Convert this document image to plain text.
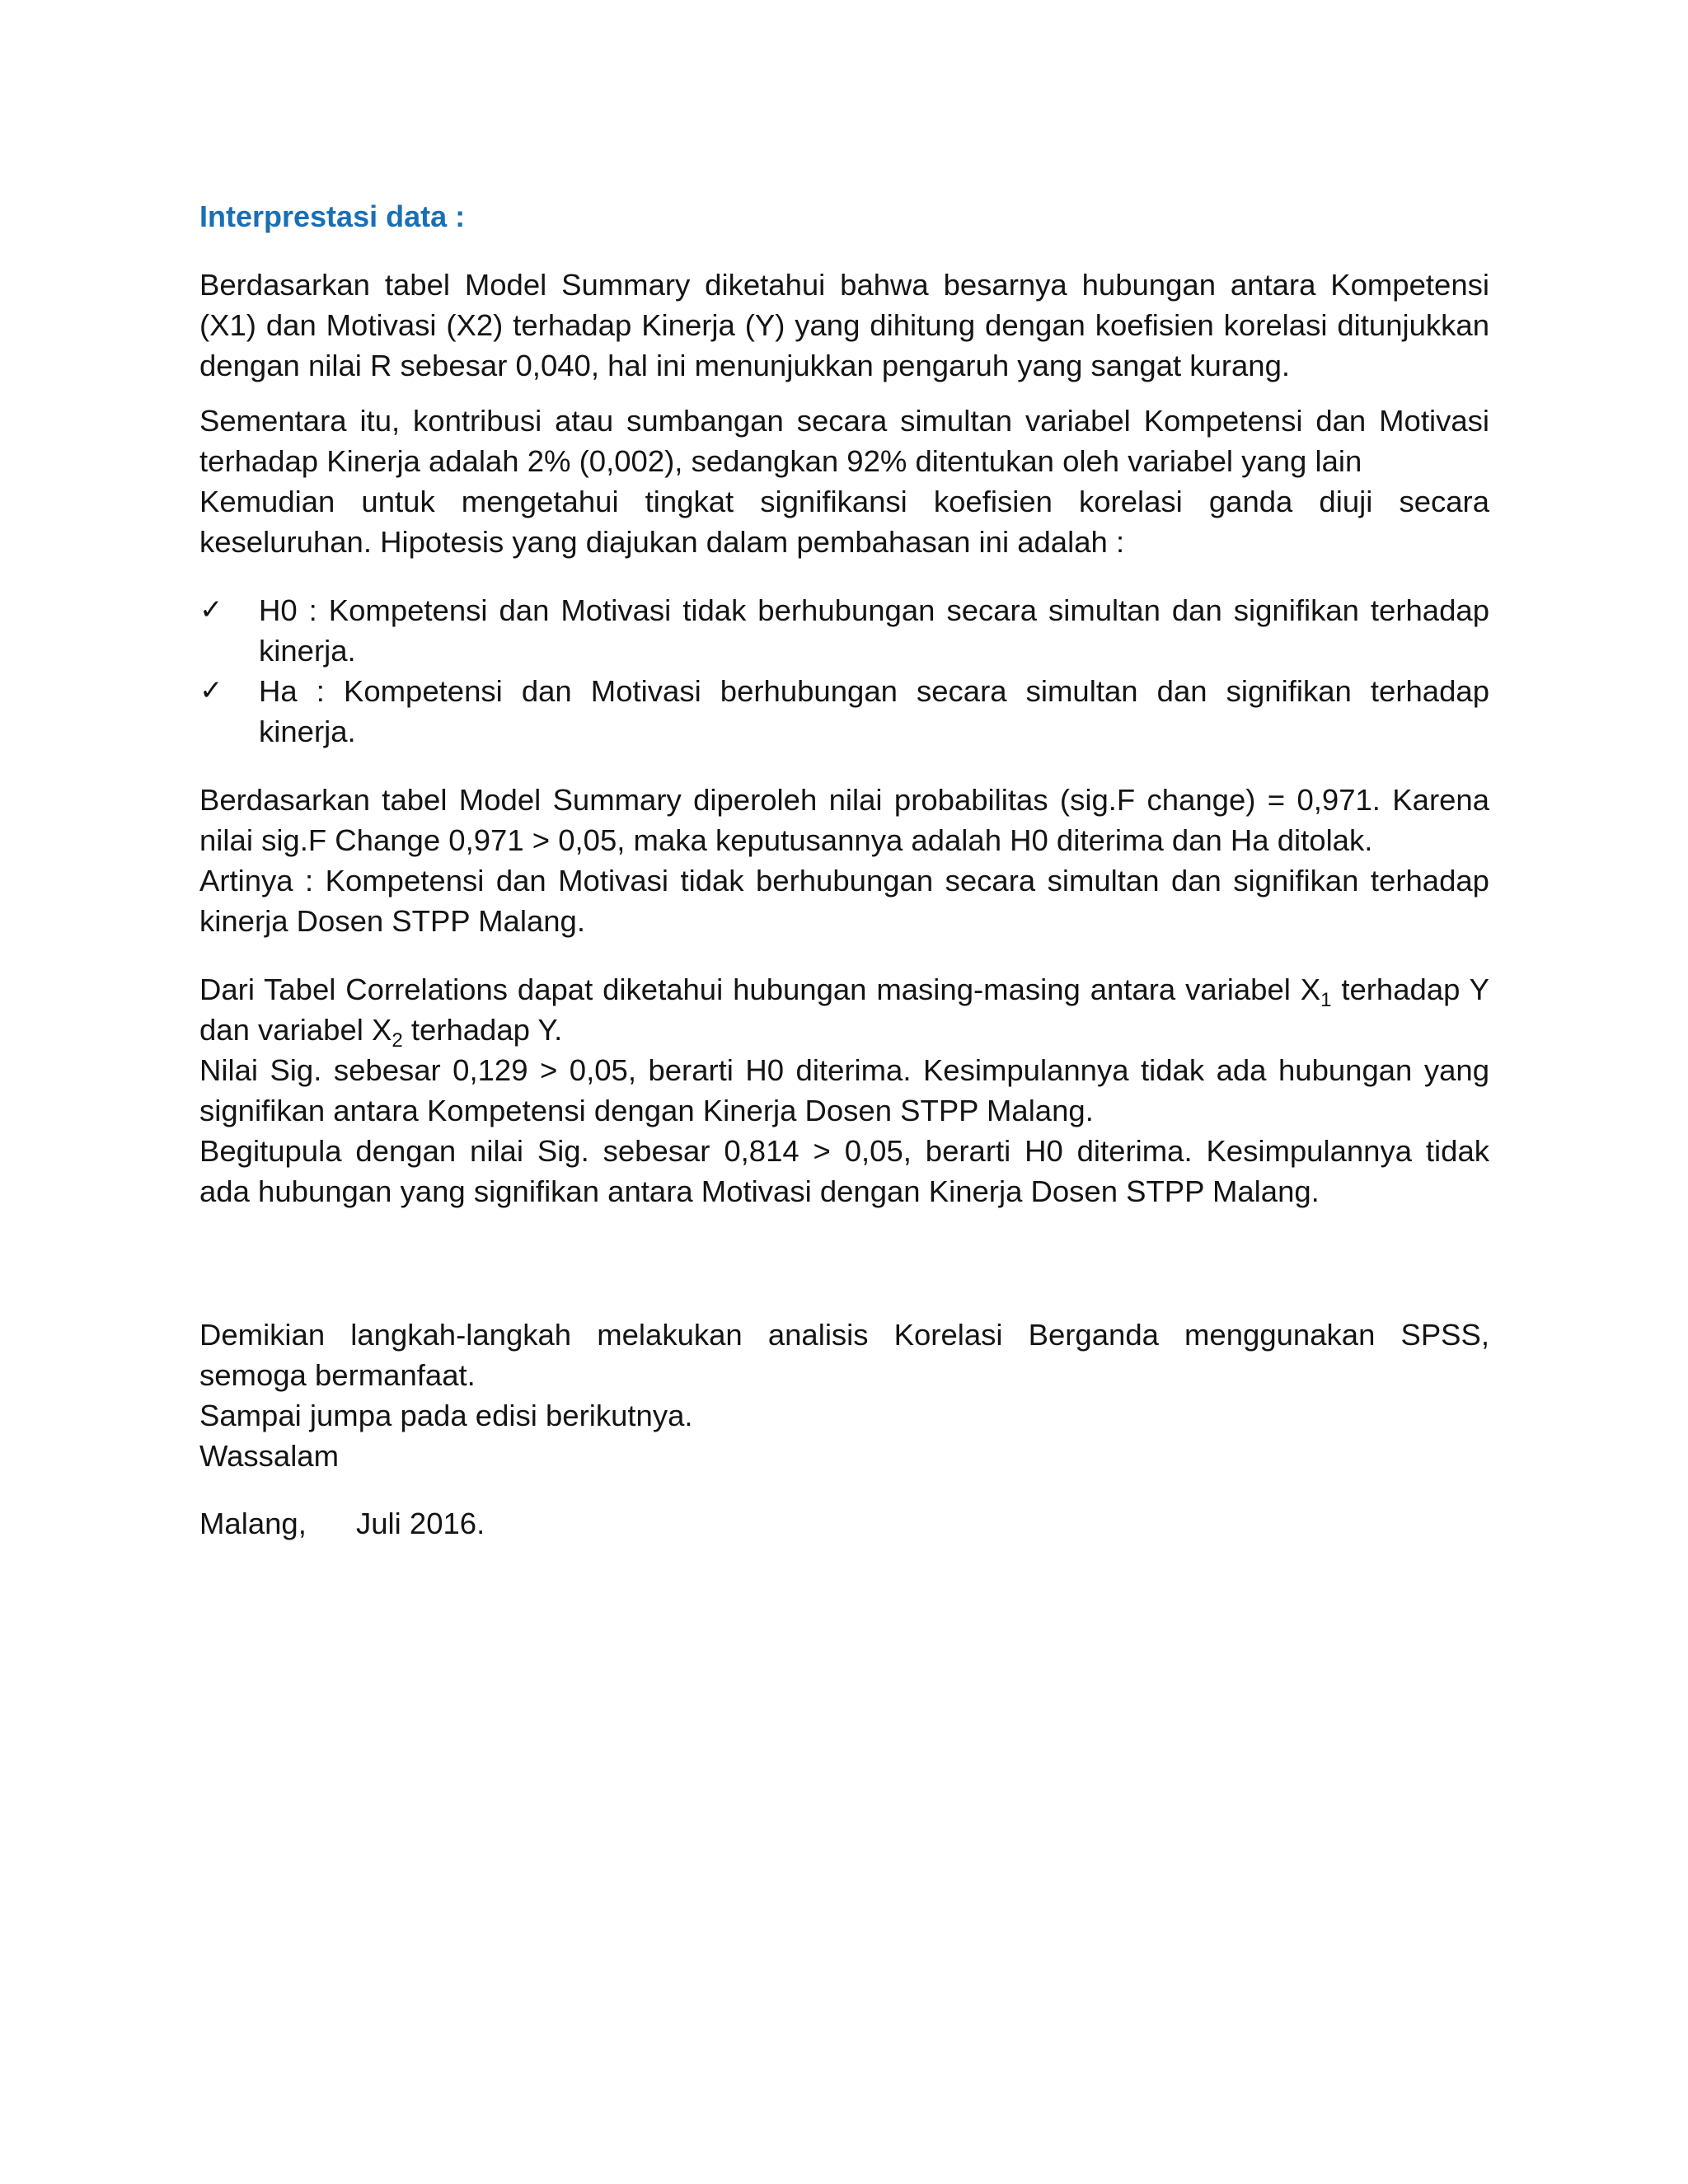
Interprestasi data :
Berdasarkan tabel Model Summary diketahui bahwa besarnya hubungan antara Kompetensi
(X1) dan Motivasi (X2) terhadap Kinerja (Y) yang dihitung dengan koefisien korelasi ditunjukkan
dengan nilai R sebesar 0,040, hal ini menunjukkan pengaruh yang sangat kurang.
Sementara itu, kontribusi atau sumbangan secara simultan variabel Kompetensi dan Motivasi
terhadap Kinerja adalah 2% (0,002), sedangkan 92% ditentukan oleh variabel yang lain
Kemudian untuk mengetahui tingkat signifikansi koefisien korelasi ganda diuji secara
keseluruhan. Hipotesis yang diajukan dalam pembahasan ini adalah :
✓ H0 : Kompetensi dan Motivasi tidak berhubungan secara simultan dan signifikan terhadap
kinerja.
✓ Ha : Kompetensi dan Motivasi berhubungan secara simultan dan signifikan terhadap
kinerja.
Berdasarkan tabel Model Summary diperoleh nilai probabilitas (sig.F change) = 0,971. Karena
nilai sig.F Change 0,971 > 0,05, maka keputusannya adalah H0 diterima dan Ha ditolak.
Artinya : Kompetensi dan Motivasi tidak berhubungan secara simultan dan signifikan terhadap
kinerja Dosen STPP Malang.
Dari Tabel Correlations dapat diketahui hubungan masing-masing antara variabel $X_1$ terhadap Y
dan variabel $X_2$ terhadap Y.
Nilai Sig. sebesar 0,129 > 0,05, berarti H0 diterima. Kesimpulannya tidak ada hubungan yang
signifikan antara Kompetensi dengan Kinerja Dosen STPP Malang.
Begitupula dengan nilai Sig. sebesar 0,814 > 0,05, berarti H0 diterima. Kesimpulannya tidak
ada hubungan yang signifikan antara Motivasi dengan Kinerja Dosen STPP Malang.
Demikian langkah-langkah melakukan analisis Korelasi Berganda menggunakan SPSS,
semoga bermanfaat.
Sampai jumpa pada edisi berikutnya.
Wassalam
Malang, Juli 2016.
